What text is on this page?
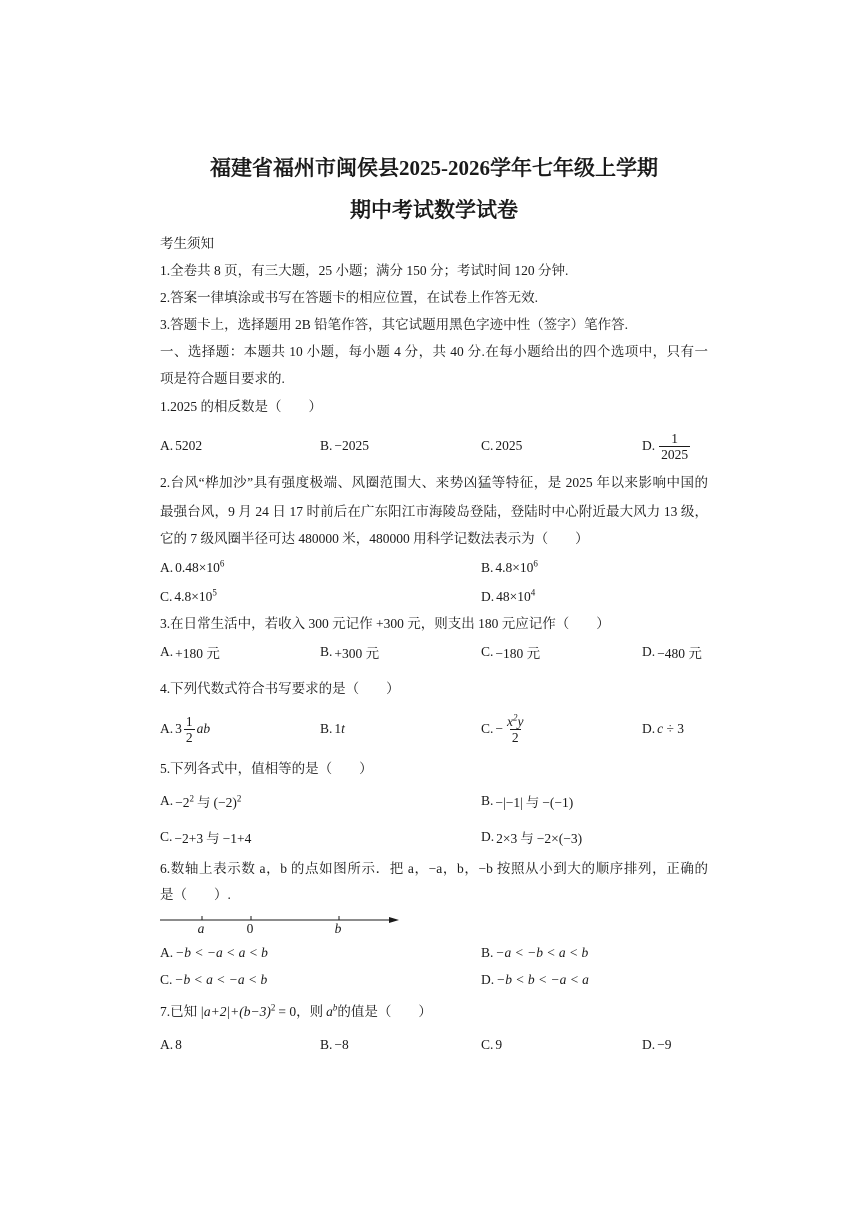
福建省福州市闽侯县2025-2026学年七年级上学期
期中考试数学试卷
考生须知
1.全卷共 8 页，有三大题，25 小题；满分 150 分；考试时间 120 分钟.
2.答案一律填涂或书写在答题卡的相应位置，在试卷上作答无效.
3.答题卡上，选择题用 2B 铅笔作答，其它试题用黑色字迹中性（签字）笔作答.
一、选择题：本题共 10 小题，每小题 4 分，共 40 分.在每小题给出的四个选项中，只有一
项是符合题目要求的.
1.2025 的相反数是（　　）
A. 5202	B. −2025	C. 2025	D. $\frac{1}{2025}$
2.台风“桦加沙”具有强度极端、风圈范围大、来势凶猛等特征，是 2025 年以来影响中国的
最强台风，9 月 24 日 17 时前后在广东阳江市海陵岛登陆，登陆时中心附近最大风力 13 级，
它的 7 级风圈半径可达 480000 米，480000 用科学记数法表示为（　　）
A. $0.48\times 10^6$	B. $4.8\times 10^6$
C. $4.8\times 10^5$	D. $48\times 10^4$
3.在日常生活中，若收入 300 元记作 +300 元，则支出 180 元应记作（　　）
A. +180 元	B. +300 元	C. −180 元	D. −480 元
4.下列代数式符合书写要求的是（　　）
A. $3 \frac{1}{2}$ ab	B. 1 t	C. − $\frac{x^2y}{2}$	D. c ÷ 3
5.下列各式中，值相等的是（　　）
A. $-2^2$ 与 $(-2)^2$	B. −|−1| 与 −(−1)
C. −2+3 与 −1+4	D. 2×3 与 −2×(−3)
6.数轴上表示数 a，b 的点如图所示．把 a，−a，b，−b 按照从小到大的顺序排列，正确的
是（　　）.
a	0	b
A. −b < −a < a < b	B. −a < −b < a < b
C. −b < a < −a < b	D. −b < b < −a < a
7.已知 $|a+2|+(b-3)^2 = 0$，则 $a^b$的值是（　　）
A. 8	B. −8	C. 9	D. −9
